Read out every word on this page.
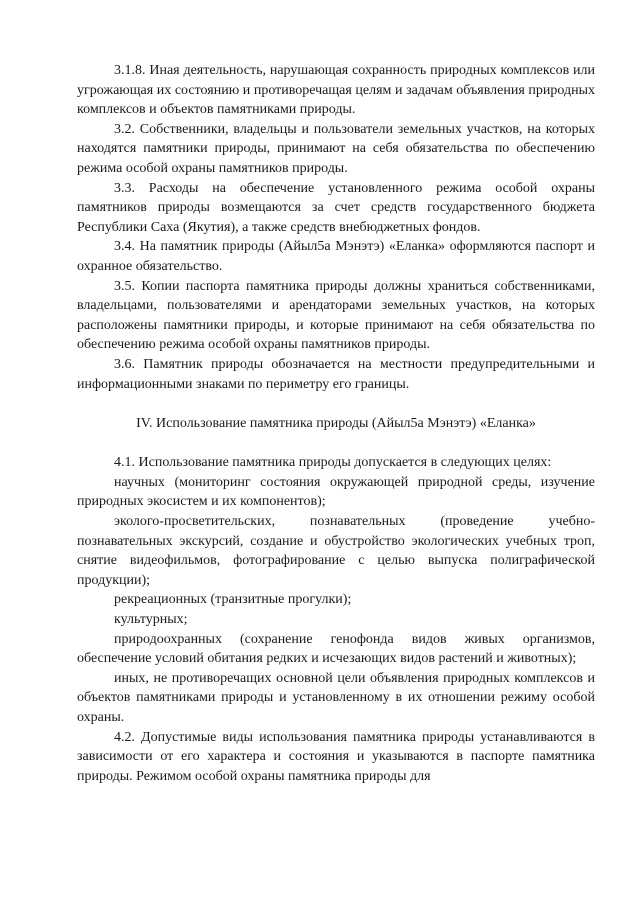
3.1.8. Иная деятельность, нарушающая сохранность природных комплексов или угрожающая их состоянию и противоречащая целям и задачам объявления природных комплексов и объектов памятниками природы.

3.2. Собственники, владельцы и пользователи земельных участков, на которых находятся памятники природы, принимают на себя обязательства по обеспечению режима особой охраны памятников природы.

3.3. Расходы на обеспечение установленного режима особой охраны памятников природы возмещаются за счет средств государственного бюджета Республики Саха (Якутия), а также средств внебюджетных фондов.

3.4. На памятник природы (Айыл5а Мэнэтэ) «Еланка» оформляются паспорт и охранное обязательство.

3.5. Копии паспорта памятника природы должны храниться собственниками, владельцами, пользователями и арендаторами земельных участков, на которых расположены памятники природы, и которые принимают на себя обязательства по обеспечению режима особой охраны памятников природы.

3.6. Памятник природы обозначается на местности предупредительными и информационными знаками по периметру его границы.

IV. Использование памятника природы (Айыл5а Мэнэтэ) «Еланка»

4.1. Использование памятника природы допускается в следующих целях:

научных (мониторинг состояния окружающей природной среды, изучение природных экосистем и их компонентов);

эколого-просветительских, познавательных (проведение учебно-познавательных экскурсий, создание и обустройство экологических учебных троп, снятие видеофильмов, фотографирование с целью выпуска полиграфической продукции);

рекреационных (транзитные прогулки);

культурных;

природоохранных (сохранение генофонда видов живых организмов, обеспечение условий обитания редких и исчезающих видов растений и животных);

иных, не противоречащих основной цели объявления природных комплексов и объектов памятниками природы и установленному в их отношении режиму особой охраны.

4.2. Допустимые виды использования памятника природы устанавливаются в зависимости от его характера и состояния и указываются в паспорте памятника природы. Режимом особой охраны памятника природы для
